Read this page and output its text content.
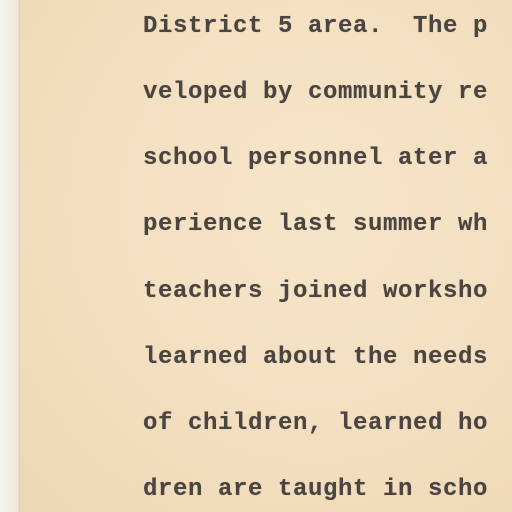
District 5 area.  The p
veloped by community re
school personnel ater a
perience last summer wh
teachers joined worksho
learned about the needs
of children, learned ho
dren are taught in scho
